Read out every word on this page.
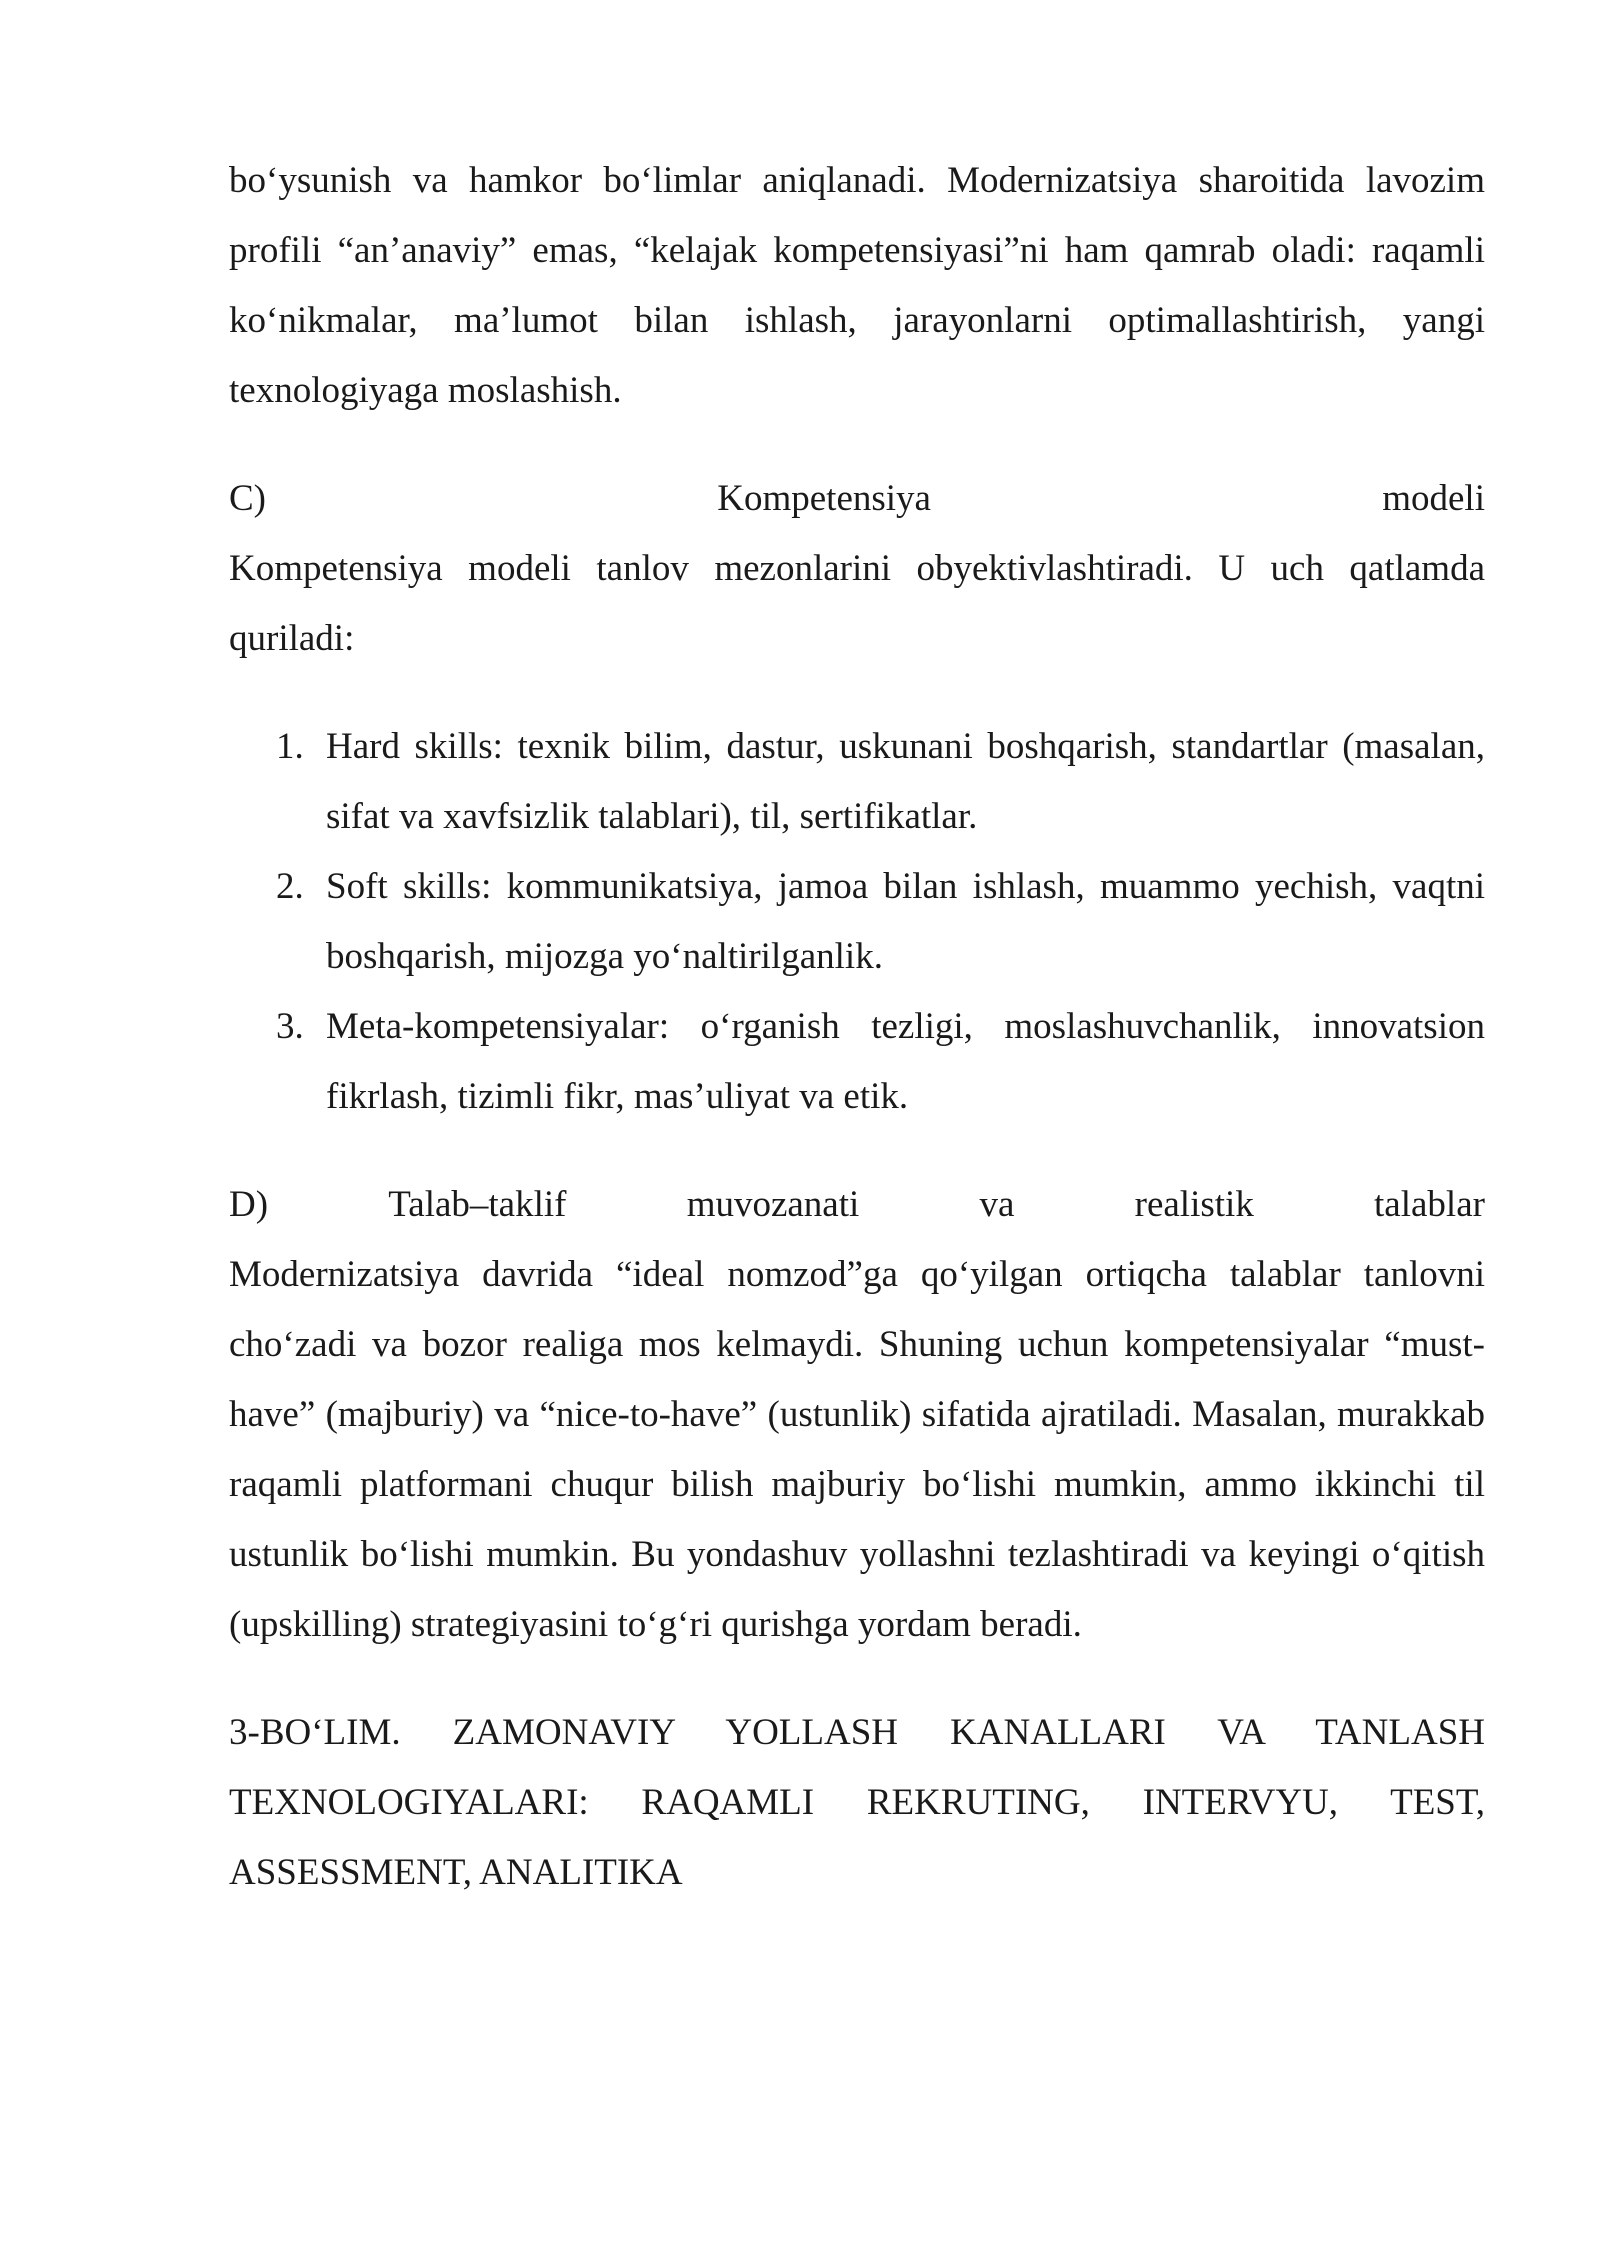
bo‘ysunish va hamkor bo‘limlar aniqlanadi. Modernizatsiya sharoitida lavozim profili “an’anaviy” emas, “kelajak kompetensiyasi”ni ham qamrab oladi: raqamli ko‘nikmalar, ma’lumot bilan ishlash, jarayonlarni optimallashtirish, yangi texnologiyaga moslashish.

C)	Kompetensiya	modeli

Kompetensiya modeli tanlov mezonlarini obyektivlashtiradi. U uch qatlamda quriladi:

1. Hard skills: texnik bilim, dastur, uskunani boshqarish, standartlar (masalan, sifat va xavfsizlik talablari), til, sertifikatlar.
2. Soft skills: kommunikatsiya, jamoa bilan ishlash, muammo yechish, vaqtni boshqarish, mijozga yo‘naltirilganlik.
3. Meta-kompetensiyalar: o‘rganish tezligi, moslashuvchanlik, innovatsion fikrlash, tizimli fikr, mas’uliyat va etik.
D)	Talab–taklif	muvozanati	va	realistik	talablar

Modernizatsiya davrida “ideal nomzod”ga qo‘yilgan ortiqcha talablar tanlovni cho‘zadi va bozor realiga mos kelmaydi. Shuning uchun kompetensiyalar “must-have” (majburiy) va “nice-to-have” (ustunlik) sifatida ajratiladi. Masalan, murakkab raqamli platformani chuqur bilish majburiy bo‘lishi mumkin, ammo ikkinchi til ustunlik bo‘lishi mumkin. Bu yondashuv yollashni tezlashtiradi va keyingi o‘qitish (upskilling) strategiyasini to‘g‘ri qurishga yordam beradi.

3-BO‘LIM. ZAMONAVIY YOLLASH KANALLARI VA TANLASH TEXNOLOGIYALARI: RAQAMLI REKRUTING, INTERVYU, TEST, ASSESSMENT, ANALITIKA
